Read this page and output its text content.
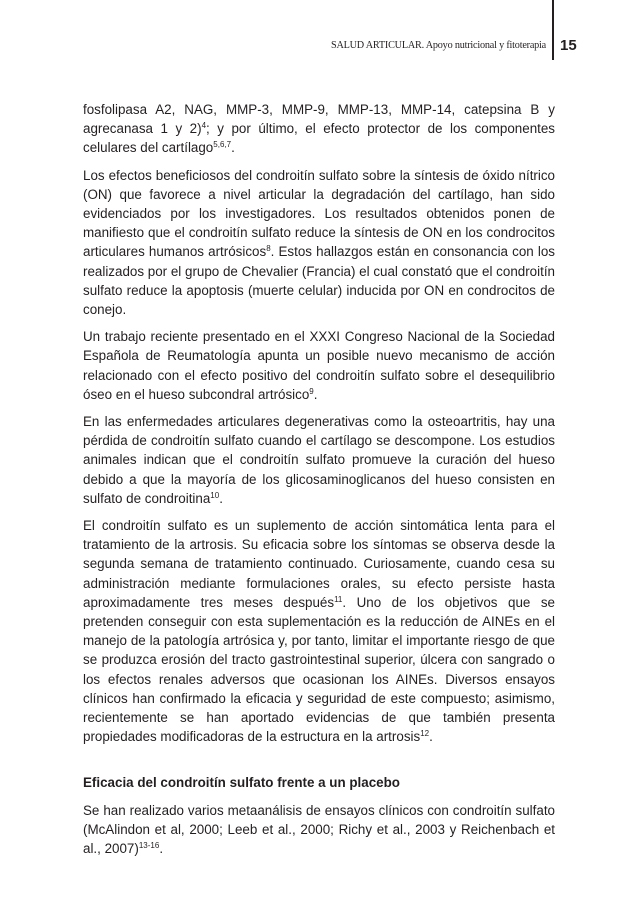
SALUD ARTICULAR. Apoyo nutricional y fitoterapia 15

fosfolipasa A2, NAG, MMP-3, MMP-9, MMP-13, MMP-14, catepsina B y agrecanasa 1 y 2)$^4$; y por último, el efecto protector de los componentes celulares del cartílago$^{5,6,7}$.

Los efectos beneficiosos del condroitín sulfato sobre la síntesis de óxido nítrico (ON) que favorece a nivel articular la degradación del cartílago, han sido evidenciados por los investigadores. Los resultados obtenidos ponen de manifiesto que el condroitín sulfato reduce la síntesis de ON en los condrocitos articulares humanos artrósicos$^8$. Estos hallazgos están en consonancia con los realizados por el grupo de Chevalier (Francia) el cual constató que el condroitín sulfato reduce la apoptosis (muerte celular) inducida por ON en condrocitos de conejo.

Un trabajo reciente presentado en el XXXI Congreso Nacional de la Sociedad Española de Reumatología apunta un posible nuevo mecanismo de acción relacionado con el efecto positivo del condroitín sulfato sobre el desequilibrio óseo en el hueso subcondral artrósico$^9$.

En las enfermedades articulares degenerativas como la osteoartritis, hay una pérdida de condroitín sulfato cuando el cartílago se descompone. Los estudios animales indican que el condroitín sulfato promueve la curación del hueso debido a que la mayoría de los glicosaminoglicanos del hueso consisten en sulfato de condroitina$^{10}$.

El condroitín sulfato es un suplemento de acción sintomática lenta para el tratamiento de la artrosis. Su eficacia sobre los síntomas se observa desde la segunda semana de tratamiento continuado. Curiosamente, cuando cesa su administración mediante formulaciones orales, su efecto persiste hasta aproximadamente tres meses después$^{11}$. Uno de los objetivos que se pretenden conseguir con esta suplementación es la reducción de AINEs en el manejo de la patología artrósica y, por tanto, limitar el importante riesgo de que se produzca erosión del tracto gastrointestinal superior, úlcera con sangrado o los efectos renales adversos que ocasionan los AINEs. Diversos ensayos clínicos han confirmado la eficacia y seguridad de este compuesto; asimismo, recientemente se han aportado evidencias de que también presenta propiedades modificadoras de la estructura en la artrosis$^{12}$.

Eficacia del condroitín sulfato frente a un placebo

Se han realizado varios metaanálisis de ensayos clínicos con condroitín sulfato (McAlindon et al, 2000; Leeb et al., 2000; Richy et al., 2003 y Reichenbach et al., 2007)$^{13-16}$.
